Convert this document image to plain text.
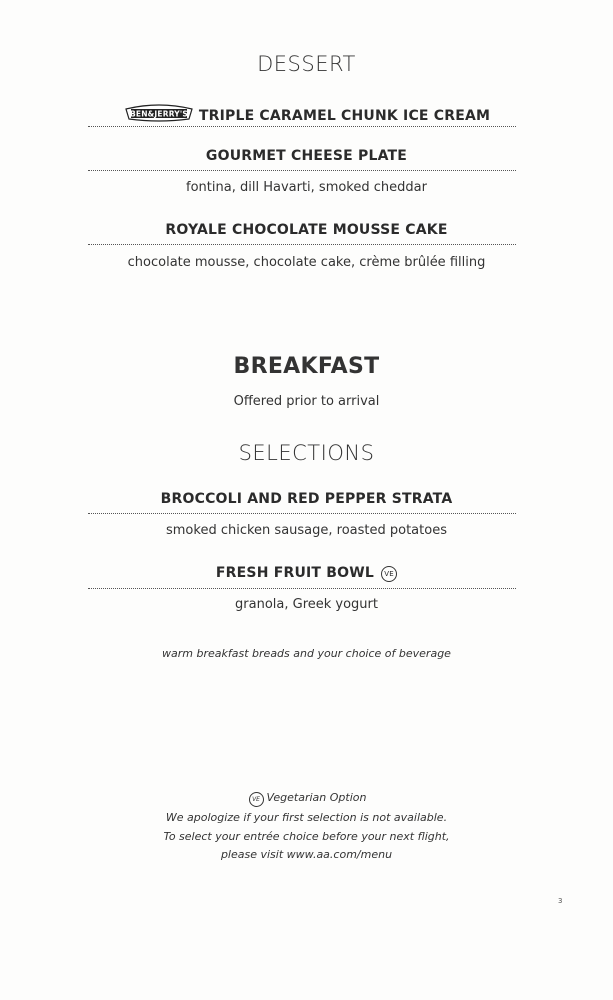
DESSERT
BEN&JERRY'S TRIPLE CARAMEL CHUNK ICE CREAM
GOURMET CHEESE PLATE
fontina, dill Havarti, smoked cheddar
ROYALE CHOCOLATE MOUSSE CAKE
chocolate mousse, chocolate cake, crème brûlée filling
BREAKFAST
Offered prior to arrival
SELECTIONS
BROCCOLI AND RED PEPPER STRATA
smoked chicken sausage, roasted potatoes
FRESH FRUIT BOWL VE
granola, Greek yogurt
warm breakfast breads and your choice of beverage
VE Vegetarian Option
We apologize if your first selection is not available.
To select your entrée choice before your next flight,
please visit www.aa.com/menu
3
